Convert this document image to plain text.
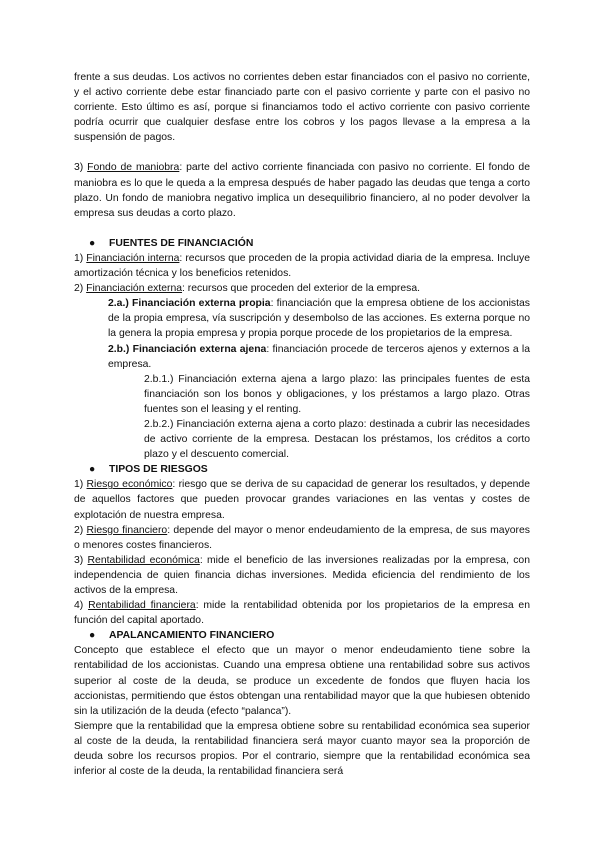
frente a sus deudas. Los activos no corrientes deben estar financiados con el pasivo no corriente, y el activo corriente debe estar financiado parte con el pasivo corriente y parte con el pasivo no corriente. Esto último es así, porque si financiamos todo el activo corriente con pasivo corriente podría ocurrir que cualquier desfase entre los cobros y los pagos llevase a la empresa a la suspensión de pagos.

3) Fondo de maniobra: parte del activo corriente financiada con pasivo no corriente. El fondo de maniobra es lo que le queda a la empresa después de haber pagado las deudas que tenga a corto plazo. Un fondo de maniobra negativo implica un desequilibrio financiero, al no poder devolver la empresa sus deudas a corto plazo.

● FUENTES DE FINANCIACIÓN

1) Financiación interna: recursos que proceden de la propia actividad diaria de la empresa. Incluye amortización técnica y los beneficios retenidos.

2) Financiación externa: recursos que proceden del exterior de la empresa.

2.a.) Financiación externa propia: financiación que la empresa obtiene de los accionistas de la propia empresa, vía suscripción y desembolso de las acciones. Es externa porque no la genera la propia empresa y propia porque procede de los propietarios de la empresa.

2.b.) Financiación externa ajena: financiación procede de terceros ajenos y externos a la empresa.

2.b.1.) Financiación externa ajena a largo plazo: las principales fuentes de esta financiación son los bonos y obligaciones, y los préstamos a largo plazo. Otras fuentes son el leasing y el renting.

2.b.2.) Financiación externa ajena a corto plazo: destinada a cubrir las necesidades de activo corriente de la empresa. Destacan los préstamos, los créditos a corto plazo y el descuento comercial.

● TIPOS DE RIESGOS

1) Riesgo económico: riesgo que se deriva de su capacidad de generar los resultados, y depende de aquellos factores que pueden provocar grandes variaciones en las ventas y costes de explotación de nuestra empresa.

2) Riesgo financiero: depende del mayor o menor endeudamiento de la empresa, de sus mayores o menores costes financieros.

3) Rentabilidad económica: mide el beneficio de las inversiones realizadas por la empresa, con independencia de quien financia dichas inversiones. Medida eficiencia del rendimiento de los activos de la empresa.

4) Rentabilidad financiera: mide la rentabilidad obtenida por los propietarios de la empresa en función del capital aportado.

● APALANCAMIENTO FINANCIERO

Concepto que establece el efecto que un mayor o menor endeudamiento tiene sobre la rentabilidad de los accionistas. Cuando una empresa obtiene una rentabilidad sobre sus activos superior al coste de la deuda, se produce un excedente de fondos que fluyen hacia los accionistas, permitiendo que éstos obtengan una rentabilidad mayor que la que hubiesen obtenido sin la utilización de la deuda (efecto “palanca”).

Siempre que la rentabilidad que la empresa obtiene sobre su rentabilidad económica sea superior al coste de la deuda, la rentabilidad financiera será mayor cuanto mayor sea la proporción de deuda sobre los recursos propios. Por el contrario, siempre que la rentabilidad económica sea inferior al coste de la deuda, la rentabilidad financiera será
